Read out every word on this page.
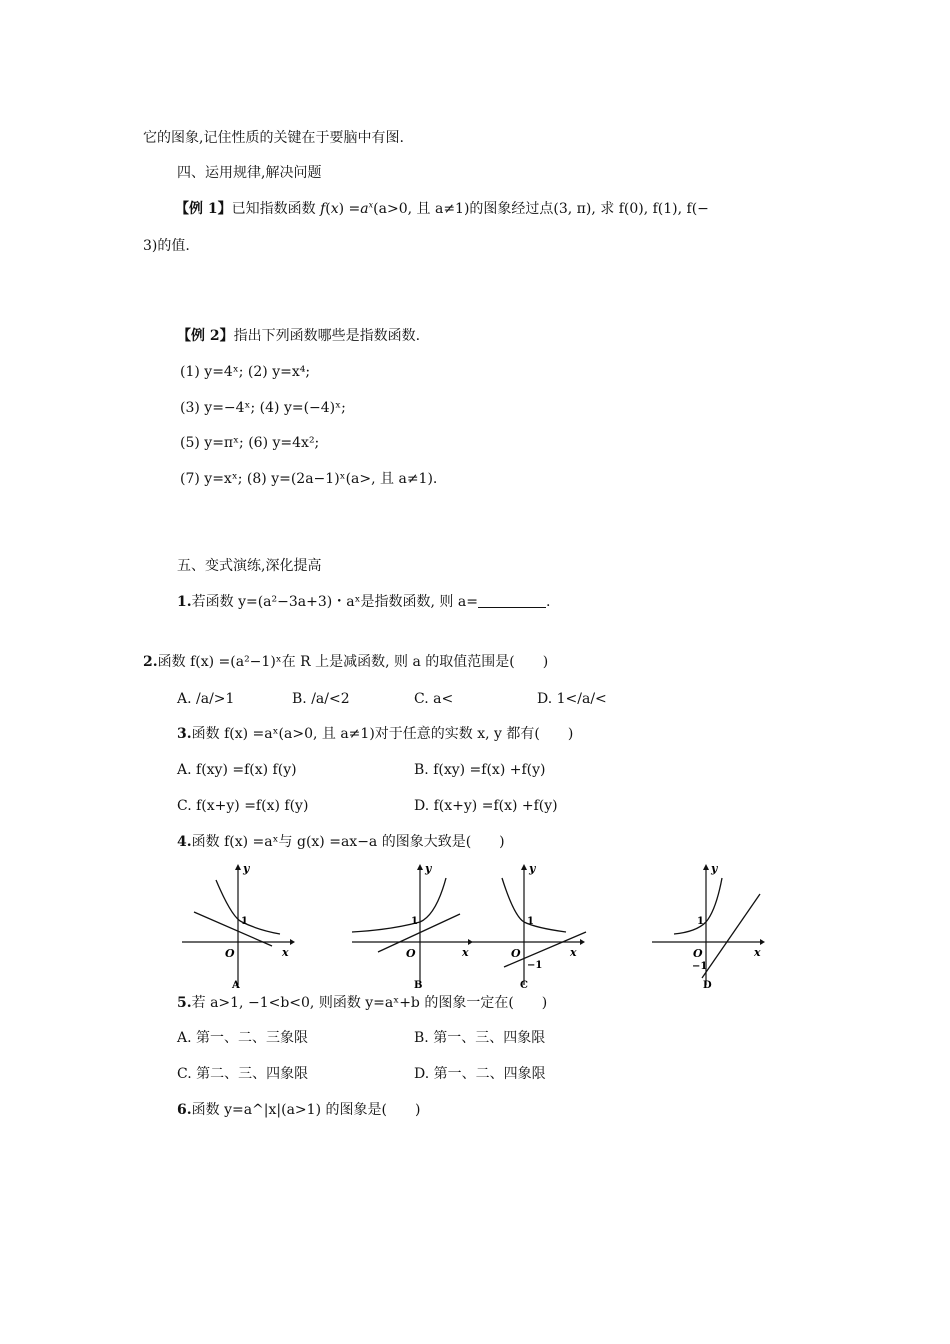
它的图象,记住性质的关键在于要脑中有图.
四、运用规律,解决问题
【例 1】已知指数函数 $f(x) =a^x(a>0$, 且 a≠1)的图象经过点(3, π), 求 f(0), f(1), f(−
3)的值.
【例 2】指出下列函数哪些是指数函数.
(1) y=4ˣ; (2) y=x⁴;
(3) y=−4ˣ; (4) y=(−4)ˣ;
(5) y=πˣ; (6) y=4x²;
(7) y=xˣ; (8) y=(2a−1)ˣ(a>, 且 a≠1).
五、变式演练,深化提高
1.若函数 y=(a²−3a+3)・aˣ是指数函数, 则 a=	.
2.函数 f(x) =(a²−1)ˣ在 R 上是减函数, 则 a 的取值范围是(　　)
A. /a/>1	B. /a/<2	C. a<	D. 1</a/<
3.函数 f(x) =aˣ(a>0, 且 a≠1)对于任意的实数 x, y 都有(　　)
A. f(xy) =f(x) f(y)	B. f(xy) =f(x) +f(y)
C. f(x+y) =f(x) f(y)	D. f(x+y) =f(x) +f(y)
4.函数 f(x) =aˣ与 g(x) =ax−a 的图象大致是(　　)
y
x
O
1
A
y
x
O
1
B
y
x
O
1
−1
C
y
x
O
1
−1
D
5.若 a>1, −1<b<0, 则函数 y=aˣ+b 的图象一定在(　　)
A. 第一、二、三象限	B. 第一、三、四象限
C. 第二、三、四象限	D. 第一、二、四象限
6.函数 y=a^|x|(a>1) 的图象是(　　)
